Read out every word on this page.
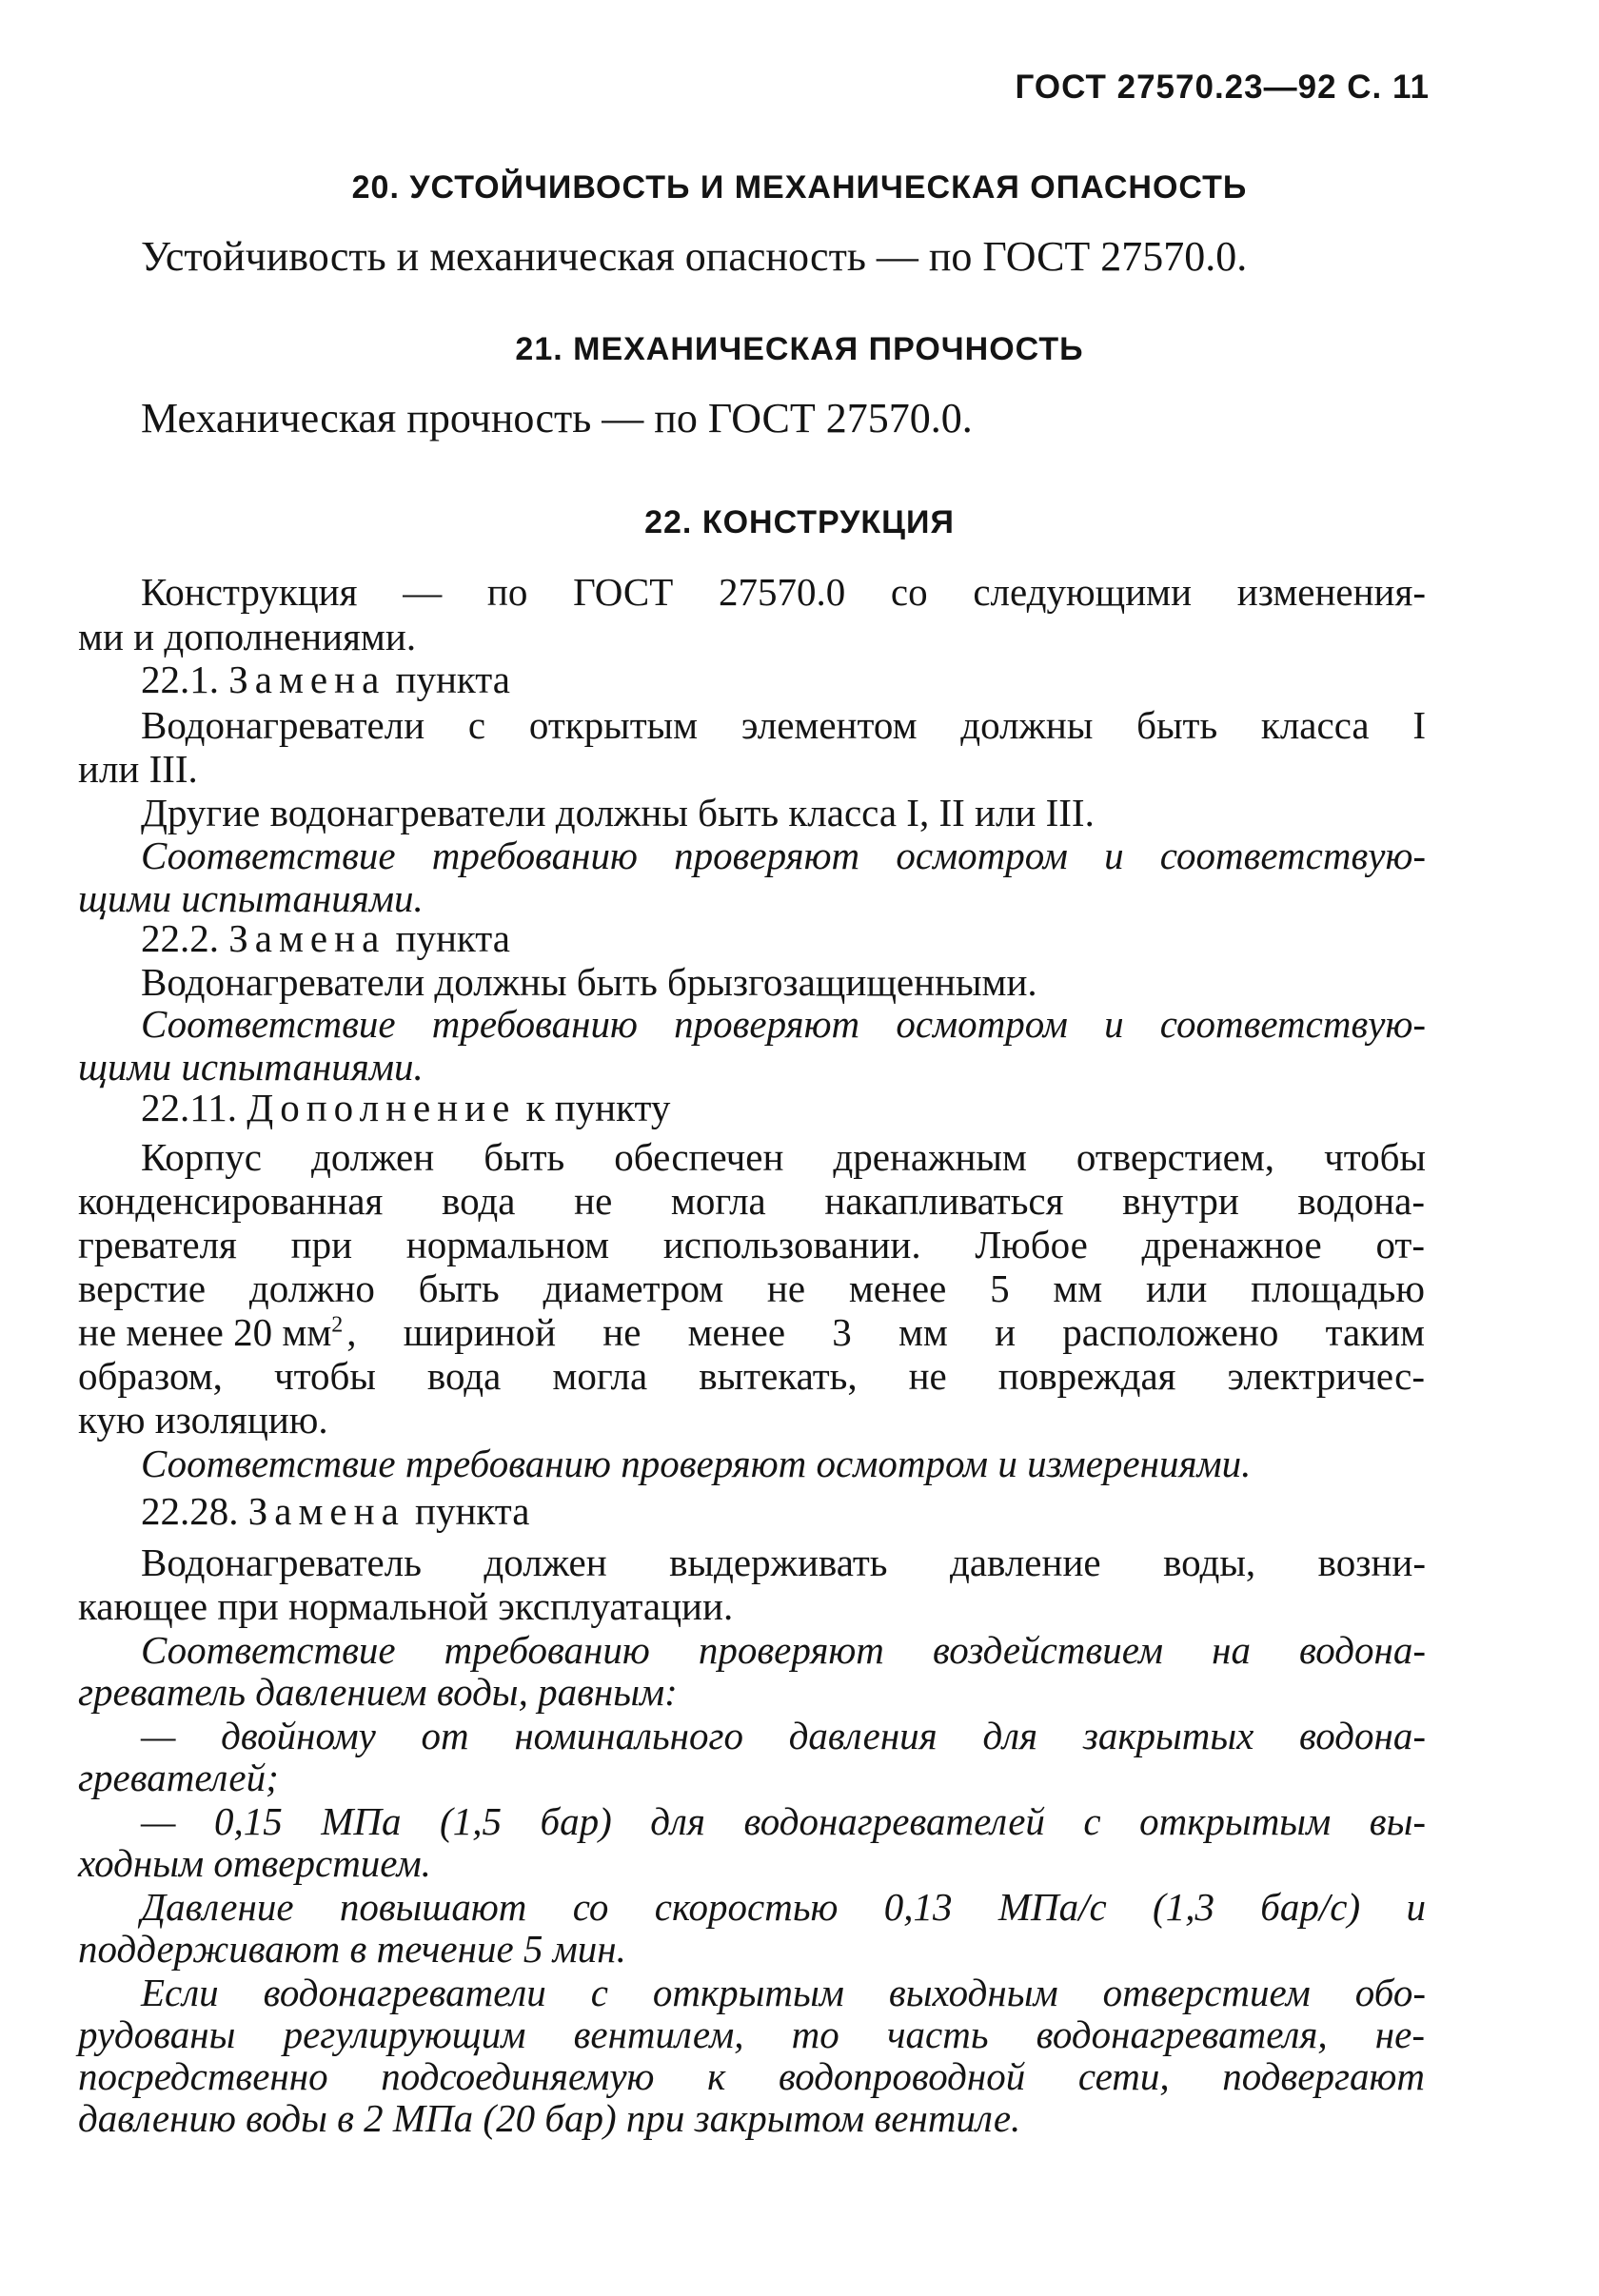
ГОСТ 27570.23—92 С. 11
20. УСТОЙЧИВОСТЬ И МЕХАНИЧЕСКАЯ ОПАСНОСТЬ
Устойчивость и механическая опасность — по ГОСТ 27570.0.
21. МЕХАНИЧЕСКАЯ ПРОЧНОСТЬ
Механическая прочность — по ГОСТ 27570.0.
22. КОНСТРУКЦИЯ
Конструкция — по ГОСТ 27570.0 со следующими изменения-
ми и дополнениями.
22.1. Замена пункта
Водонагреватели с открытым элементом должны быть класса I
или III.
Другие водонагреватели должны быть класса I, II или III.
Соответствие требованию проверяют осмотром и соответствую-
щими испытаниями.
22.2. Замена пункта
Водонагреватели должны быть брызгозащищенными.
Соответствие требованию проверяют осмотром и соответствую-
щими испытаниями.
22.11. Дополнение к пункту
Корпус должен быть обеспечен дренажным отверстием, чтобы
конденсированная вода не могла накапливаться внутри водона-
гревателя при нормальном использовании. Любое дренажное от-
верстие должно быть диаметром не менее 5 мм или площадью
не менее 20 $мм^2$ , шириной не менее 3 мм и расположено таким
образом, чтобы вода могла вытекать, не повреждая электричес-
кую изоляцию.
Соответствие требованию проверяют осмотром и измерениями.
22.28. Замена пункта
Водонагреватель должен выдерживать давление воды, возни-
кающее при нормальной эксплуатации.
Соответствие требованию проверяют воздействием на водона-
греватель давлением воды, равным:
— двойному от номинального давления для закрытых водона-
гревателей;
— 0,15 МПа (1,5 бар) для водонагревателей с открытым вы-
ходным отверстием.
Давление повышают со скоростью 0,13 МПа/с (1,3 бар/с) и
поддерживают в течение 5 мин.
Если водонагреватели с открытым выходным отверстием обо-
рудованы регулирующим вентилем, то часть водонагревателя, не-
посредственно подсоединяемую к водопроводной сети, подвергают
давлению воды в 2 МПа (20 бар) при закрытом вентиле.
